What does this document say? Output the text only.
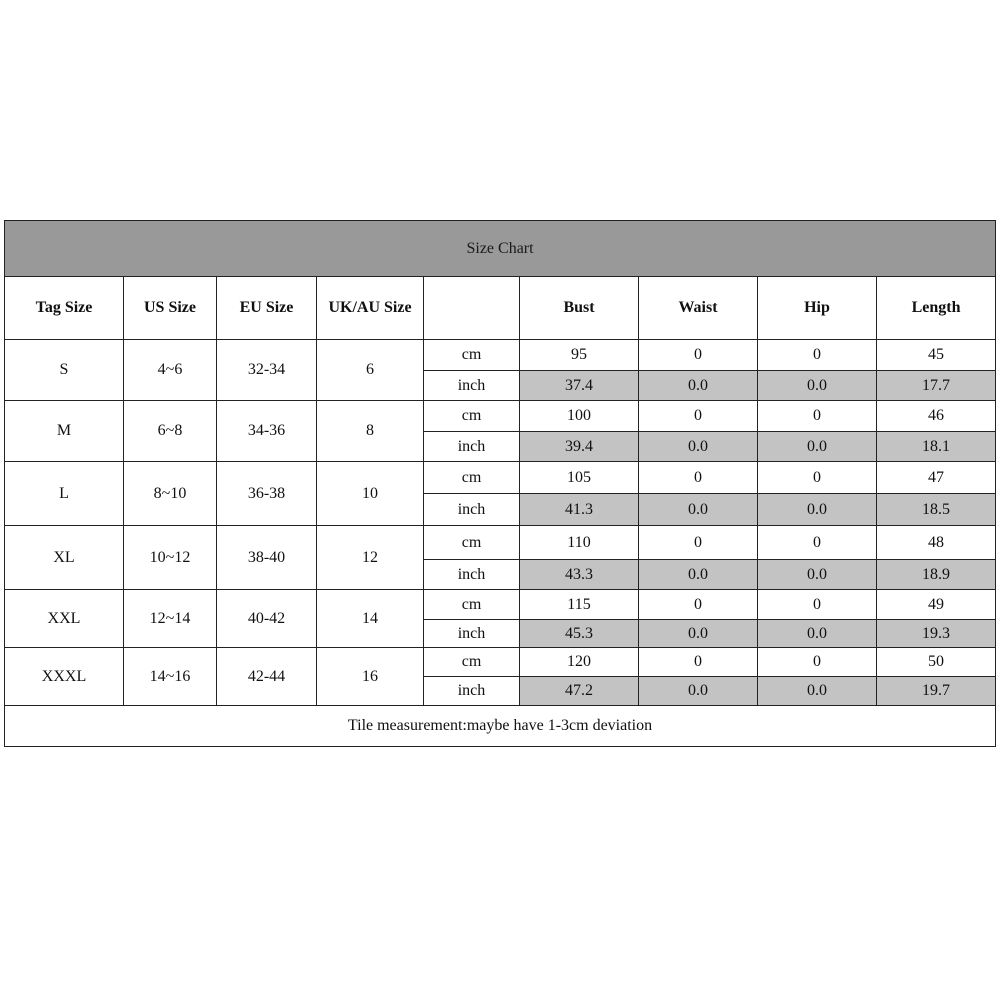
Size Chart								
Tag Size	US Size	EU Size	UK/AU Size		Bust	Waist	Hip	Length
S	4~6	32-34	6	cm	95	0	0	45
				inch	37.4	0.0	0.0	17.7
M	6~8	34-36	8	cm	100	0	0	46
				inch	39.4	0.0	0.0	18.1
L	8~10	36-38	10	cm	105	0	0	47
				inch	41.3	0.0	0.0	18.5
XL	10~12	38-40	12	cm	110	0	0	48
				inch	43.3	0.0	0.0	18.9
XXL	12~14	40-42	14	cm	115	0	0	49
				inch	45.3	0.0	0.0	19.3
XXXL	14~16	42-44	16	cm	120	0	0	50
				inch	47.2	0.0	0.0	19.7
Tile measurement:maybe have 1-3cm deviation								
